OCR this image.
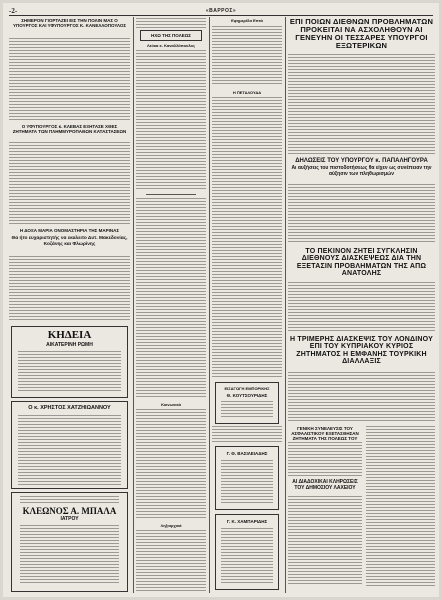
-2-	«ΒΑΡΡΟΣ»
ΣΗΜΕΡΟΝ ΓΙΟΡΤΑΖΕΙ ΕΙΣ ΤΗΝ ΠΟΛΙΝ ΜΑΣ Ο ΥΠΟΥΡΓΟΣ ΚΑΙ ΥΦΥΠΟΥΡΓΟΣ Κ. ΚΑΝΕΛΛΟΠΟΥΛΟΣ
Ο ΥΦΥΠΟΥΡΓΟΣ κ. ΚΛΕΒΑΣ ΕΞΗΤΑΣΕ ΧΘΕΣ ΖΗΤΗΜΑΤΑ ΤΩΝ ΠΛΗΜΜΥΡΟΠΑΘΩΝ ΚΑΤΑΣΤΑΣΕΩΝ
Η ΔΟΞΑ ΜΑΡΙΑ ΟΝΟΜΑΣΤΗΡΙΑ ΤΗΣ ΜΑΡΙΝΑΣ
Θα ήτο ευχαριστητής να εκαλειτο Δυτ. Μακεδονίας, Κοζάνης και Φλωρίνης
ΚΗΔΕΙΑ
ΑΙΚΑΤΕΡΙΝΗ ΡΩΜΗ
Ο κ. ΧΡΗΣΤΟΣ ΧΑΤΖΗΙΩΑΝΝΟΥ
ΚΛΕΩΝΟΣ Α. ΜΠΑΛΑ
ΙΑΤΡΟΥ
ΗΧΩ ΤΗΣ ΠΟΛΕΩΣ
Λεύκα κ. Καναλλόπουλος
Κοινωνικά
Ληξιαρχικά
Εφημερίδα Επτά
Η ΠΕΤΑΛΟΥΔΑ
ΕΙΣΑΓΩΓΗ ΕΜΠΟΡΙΚΗΣ
Θ. ΚΟΥΤΣΟΥΡΙΔΗΣ
Γ. Θ. ΒΑΣΙΛΕΙΑΔΗΣ
Γ. Κ. ΧΑΜΠΑΡΙΔΗΣ
ΕΠΙ ΠΟΙΩΝ ΔΙΕΘΝΩΝ ΠΡΟΒΛΗΜΑΤΩΝ ΠΡΟΚΕΙΤΑΙ ΝΑ ΑΣΧΟΛΗΘΟΥΝ ΑΙ ΓΕΝΕΥΗΝ ΟΙ ΤΕΣΣΑΡΕΣ ΥΠΟΥΡΓΟΙ ΕΞΩΤΕΡΙΚΩΝ
ΔΗΛΩΣΕΙΣ ΤΟΥ ΥΠΟΥΡΓΟΥ κ. ΠΑΠΑΛΗΓΟΥΡΑ
Αι αυξήσεις του πιστοδοτήσεως θα είχεν ως συνέπειαν την αύξησιν των πληθωρισμών
ΤΟ ΠΕΚΙΝΟΝ ΖΗΤΕΙ ΣΥΓΚΛΗΣΙΝ ΔΙΕΘΝΟΥΣ ΔΙΑΣΚΕΨΕΩΣ ΔΙΑ ΤΗΝ ΕΞΕΤΑΣΙΝ ΠΡΟΒΛΗΜΑΤΩΝ ΤΗΣ ΑΠΩ ΑΝΑΤΟΛΗΣ
Η ΤΡΙΜΕΡΗΣ ΔΙΑΣΚΕΨΙΣ ΤΟΥ ΛΟΝΔΙΝΟΥ ΕΠΙ ΤΟΥ ΚΥΠΡΙΑΚΟΥ ΚΥΡΙΟΣ ΖΗΤΗΜΑΤΟΣ Η ΕΜΦΑΝΗΣ ΤΟΥΡΚΙΚΗ ΔΙΑΛΛΑΞΙΣ
ΓΕΝΙΚΗ ΣΥΝΕΛΕΥΣΙΣ ΤΟΥ ΑΣΦΑΛΙΣΤΙΚΟΥ ΕΞΕΤΑΣΘΗΣΑΝ ΖΗΤΗΜΑΤΑ ΤΗΣ ΠΟΛΕΩΣ ΤΟΥ
ΑΙ ΔΙΑΔΟΧΙΚΑΙ ΚΛΗΡΩΣΕΙΣ ΤΟΥ ΔΗΜΟΣΙΟΥ ΛΑΧΕΙΟΥ
